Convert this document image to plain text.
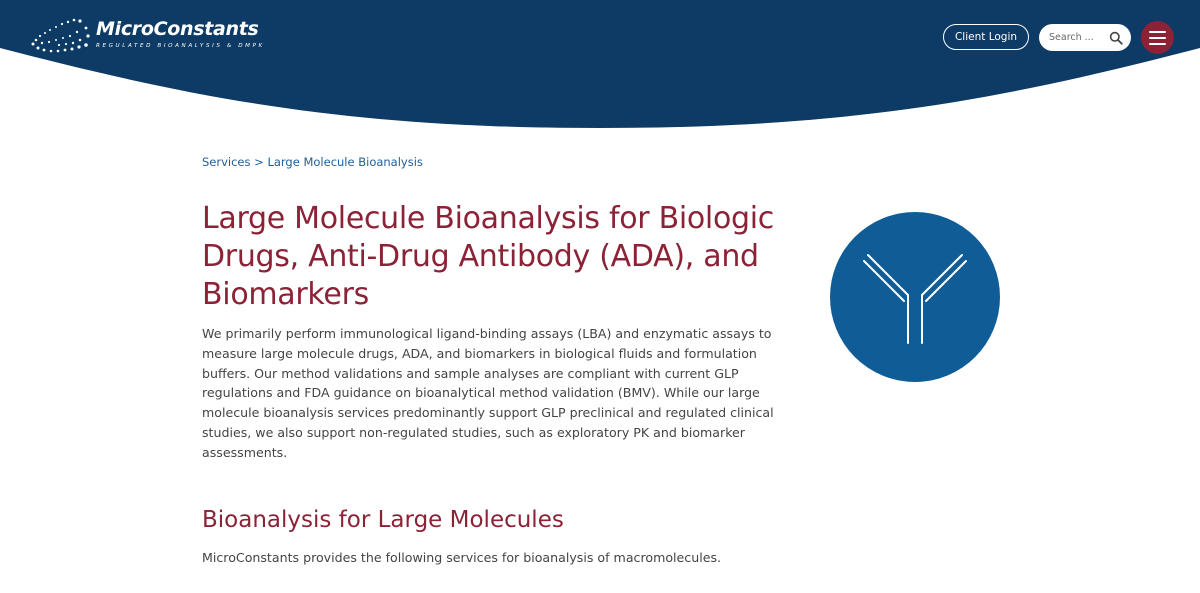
MicroConstants
REGULATED BIOANALYSIS & DMPK
Client Login
Search ...
Services > Large Molecule Bioanalysis
Large Molecule Bioanalysis for Biologic Drugs, Anti-Drug Antibody (ADA), and Biomarkers

We primarily perform immunological ligand-binding assays (LBA) and enzymatic assays to measure large molecule drugs, ADA, and biomarkers in biological fluids and formulation buffers. Our method validations and sample analyses are compliant with current GLP regulations and FDA guidance on bioanalytical method validation (BMV). While our large molecule bioanalysis services predominantly support GLP preclinical and regulated clinical studies, we also support non-regulated studies, such as exploratory PK and biomarker assessments.

Bioanalysis for Large Molecules

MicroConstants provides the following services for bioanalysis of macromolecules.
